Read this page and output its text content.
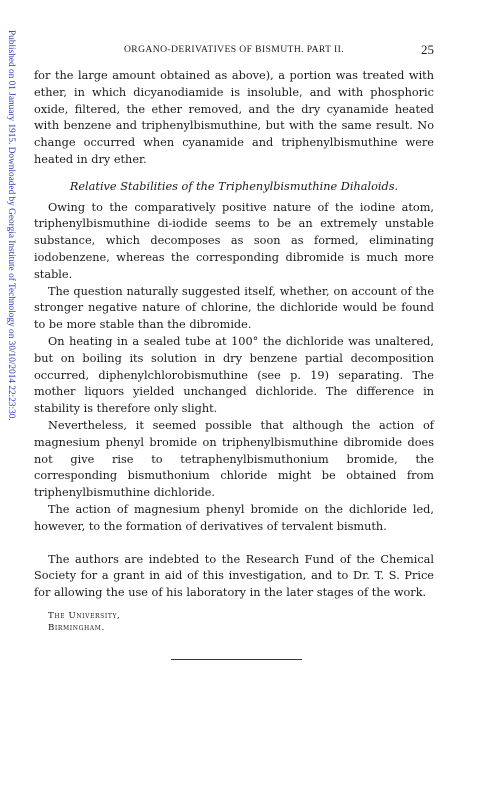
Published on 01 January 1915. Downloaded by Georgia Institute of Technology on 30/10/2014 22:23:30.	ORGANO-DERIVATIVES OF BISMUTH. PART II.	25

for the large amount obtained as above), a portion was treated with ether, in which dicyanodiamide is insoluble, and with phosphoric oxide, filtered, the ether removed, and the dry cyanamide heated with benzene and triphenylbismuthine, but with the same result. No change occurred when cyanamide and triphenylbismuthine were heated in dry ether.

Relative Stabilities of the Triphenylbismuthine Dihaloids.

Owing to the comparatively positive nature of the iodine atom, triphenylbismuthine di-iodide seems to be an extremely unstable substance, which decomposes as soon as formed, eliminating iodobenzene, whereas the corresponding dibromide is much more stable.

The question naturally suggested itself, whether, on account of the stronger negative nature of chlorine, the dichloride would be found to be more stable than the dibromide.

On heating in a sealed tube at 100° the dichloride was unaltered, but on boiling its solution in dry benzene partial decomposition occurred, diphenylchlorobismuthine (see p. 19) separating. The mother liquors yielded unchanged dichloride. The difference in stability is therefore only slight.

Nevertheless, it seemed possible that although the action of magnesium phenyl bromide on triphenylbismuthine dibromide does not give rise to tetraphenylbismuthonium bromide, the corresponding bismuthonium chloride might be obtained from triphenylbismuthine dichloride.

The action of magnesium phenyl bromide on the dichloride led, however, to the formation of derivatives of tervalent bismuth.

The authors are indebted to the Research Fund of the Chemical Society for a grant in aid of this investigation, and to Dr. T. S. Price for allowing the use of his laboratory in the later stages of the work.

The University,
Birmingham.
